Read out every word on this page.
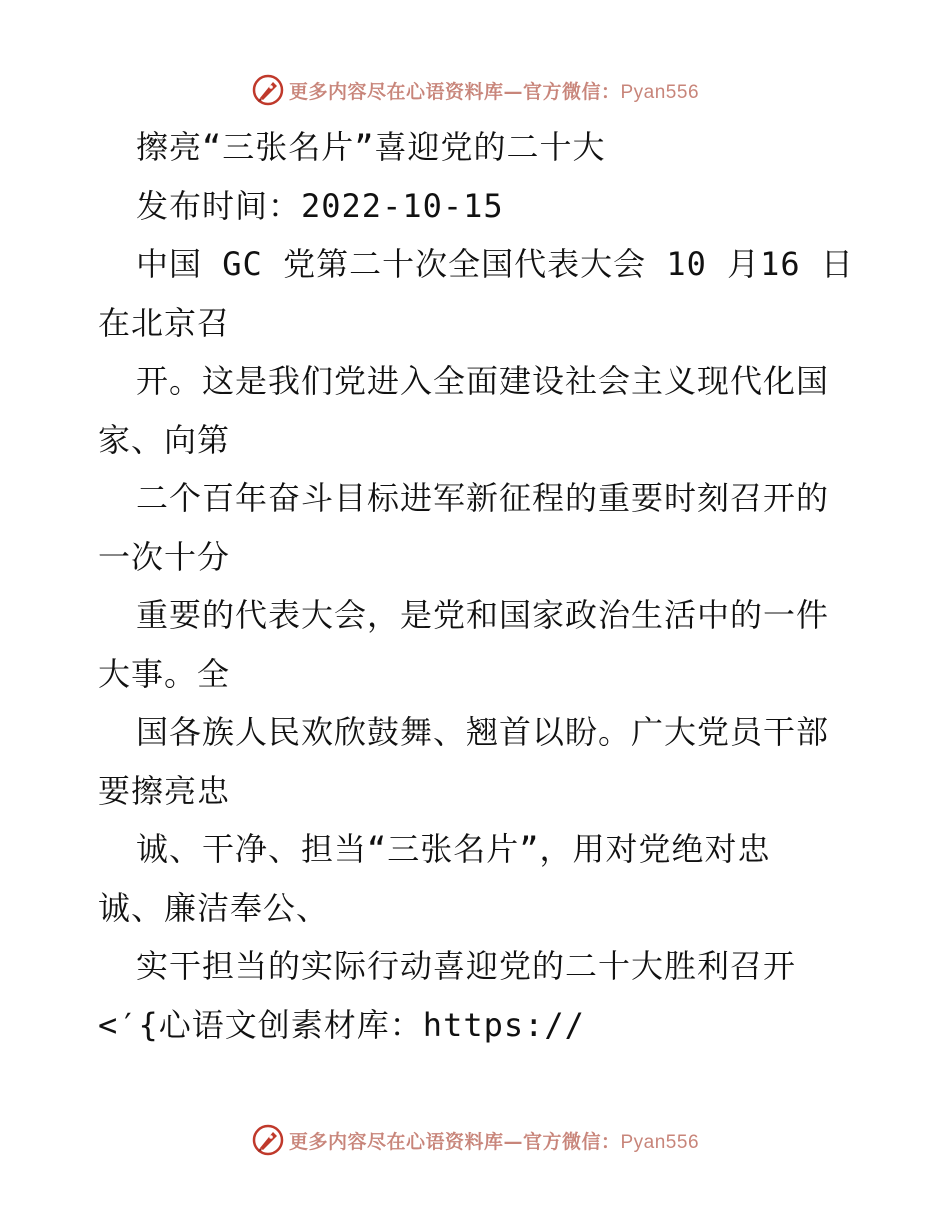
更多内容尽在心语资料库—官方微信：Pyan556
擦亮“三张名片”喜迎党的二十大
发布时间：2022-10-15
中国 GC 党第二十次全国代表大会 10 月16 日
在北京召
开。这是我们党进入全面建设社会主义现代化国
家、向第
二个百年奋斗目标进军新征程的重要时刻召开的
一次十分
重要的代表大会，是党和国家政治生活中的一件
大事。全
国各族人民欢欣鼓舞、翘首以盼。广大党员干部
要擦亮忠
诚、干净、担当“三张名片”，用对党绝对忠
诚、廉洁奉公、
实干担当的实际行动喜迎党的二十大胜利召开
<′{心语文创素材库：https://
更多内容尽在心语资料库—官方微信：Pyan556
